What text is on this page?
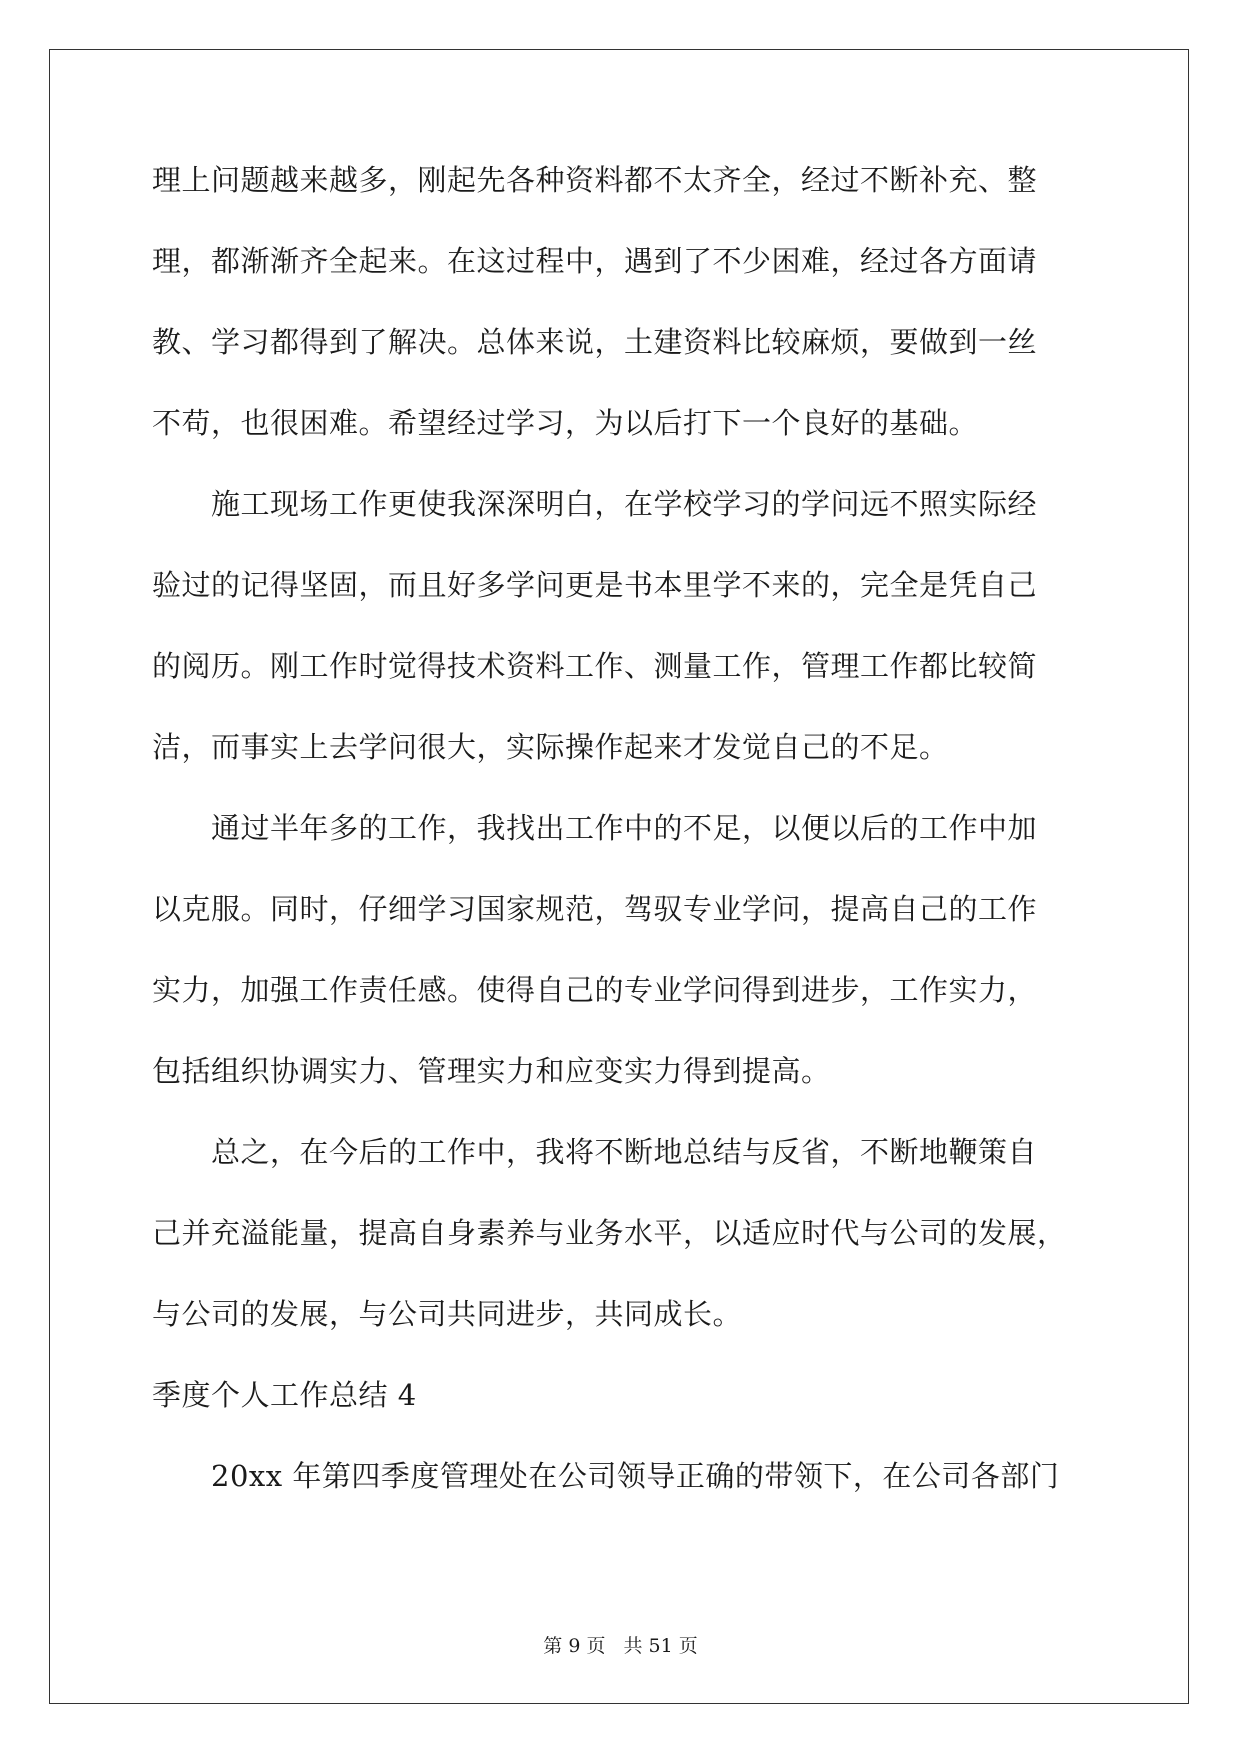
理上问题越来越多，刚起先各种资料都不太齐全，经过不断补充、整
理，都渐渐齐全起来。在这过程中，遇到了不少困难，经过各方面请
教、学习都得到了解决。总体来说，土建资料比较麻烦，要做到一丝
不苟，也很困难。希望经过学习，为以后打下一个良好的基础。
　　施工现场工作更使我深深明白，在学校学习的学问远不照实际经
验过的记得坚固，而且好多学问更是书本里学不来的，完全是凭自己
的阅历。刚工作时觉得技术资料工作、测量工作，管理工作都比较简
洁，而事实上去学问很大，实际操作起来才发觉自己的不足。
　　通过半年多的工作，我找出工作中的不足，以便以后的工作中加
以克服。同时，仔细学习国家规范，驾驭专业学问，提高自己的工作
实力，加强工作责任感。使得自己的专业学问得到进步，工作实力，
包括组织协调实力、管理实力和应变实力得到提高。
　　总之，在今后的工作中，我将不断地总结与反省，不断地鞭策自
己并充溢能量，提高自身素养与业务水平，以适应时代与公司的发展，
与公司的发展，与公司共同进步，共同成长。
季度个人工作总结 4
　　20xx 年第四季度管理处在公司领导正确的带领下，在公司各部门
第 9 页 共 51 页
